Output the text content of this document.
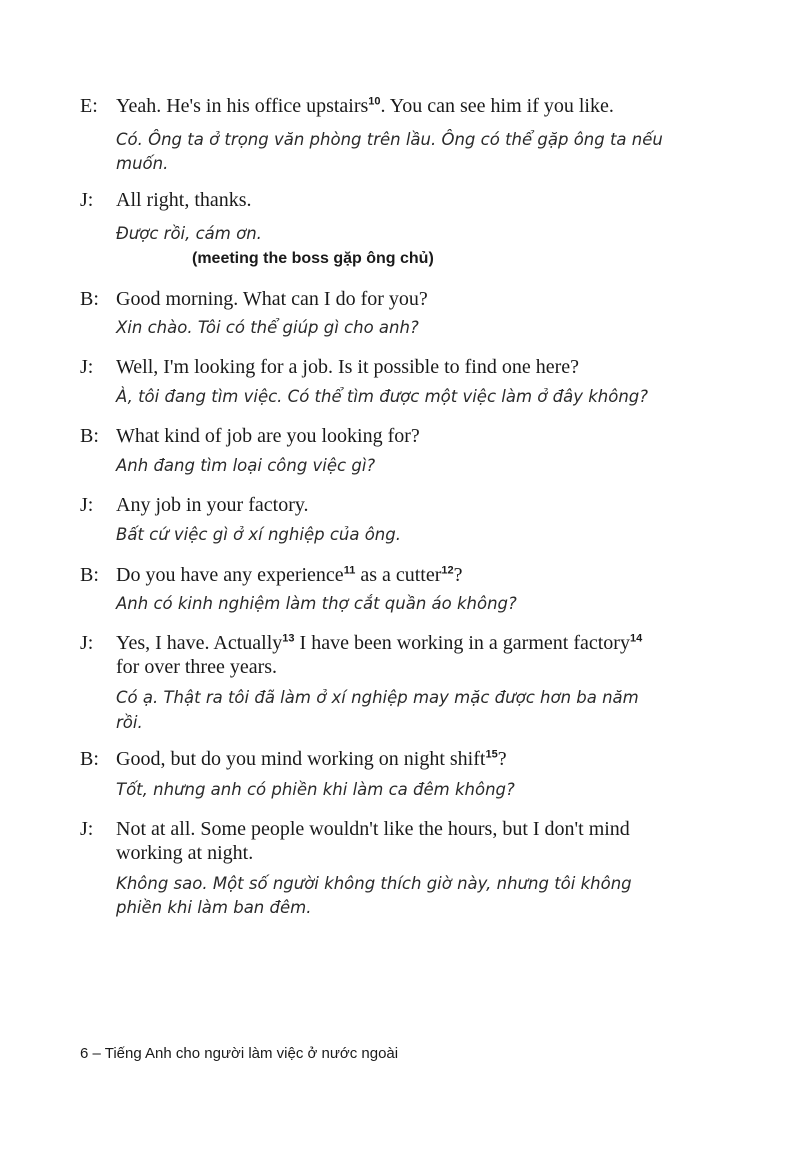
E: Yeah. He's in his office upstairs$^{10}$. You can see him if you like.
Có. Ông ta ở trọng văn phòng trên lầu. Ông có thể gặp ông ta nếu
muốn.
J:	All right, thanks.
Được rồi, cám ơn.
(meeting the boss gặp ông chủ)
B: Good morning. What can I do for you?
Xin chào. Tôi có thể giúp gì cho anh?
J:	Well, I'm looking for a job. Is it possible to find one here?
À, tôi đang tìm việc. Có thể tìm được một việc làm ở đây không?
B: What kind of job are you looking for?
Anh đang tìm loại công việc gì?
J:	Any job in your factory.
Bất cứ việc gì ở xí nghiệp của ông.
B: Do you have any experience$^{11}$ as a cutter$^{12}$?
Anh có kinh nghiệm làm thợ cắt quần áo không?
J:	Yes, I have. Actually$^{13}$ I have been working in a garment factory$^{14}$
for over three years.
Có ạ. Thật ra tôi đã làm ở xí nghiệp may mặc được hơn ba năm
rồi.
B: Good, but do you mind working on night shift$^{15}$?
Tốt, nhưng anh có phiền khi làm ca đêm không?
J:	Not at all. Some people wouldn't like the hours, but I don't mind
working at night.
Không sao. Một số người không thích giờ này, nhưng tôi không
phiền khi làm ban đêm.
6 – Tiếng Anh cho người làm việc ở nước ngoài
